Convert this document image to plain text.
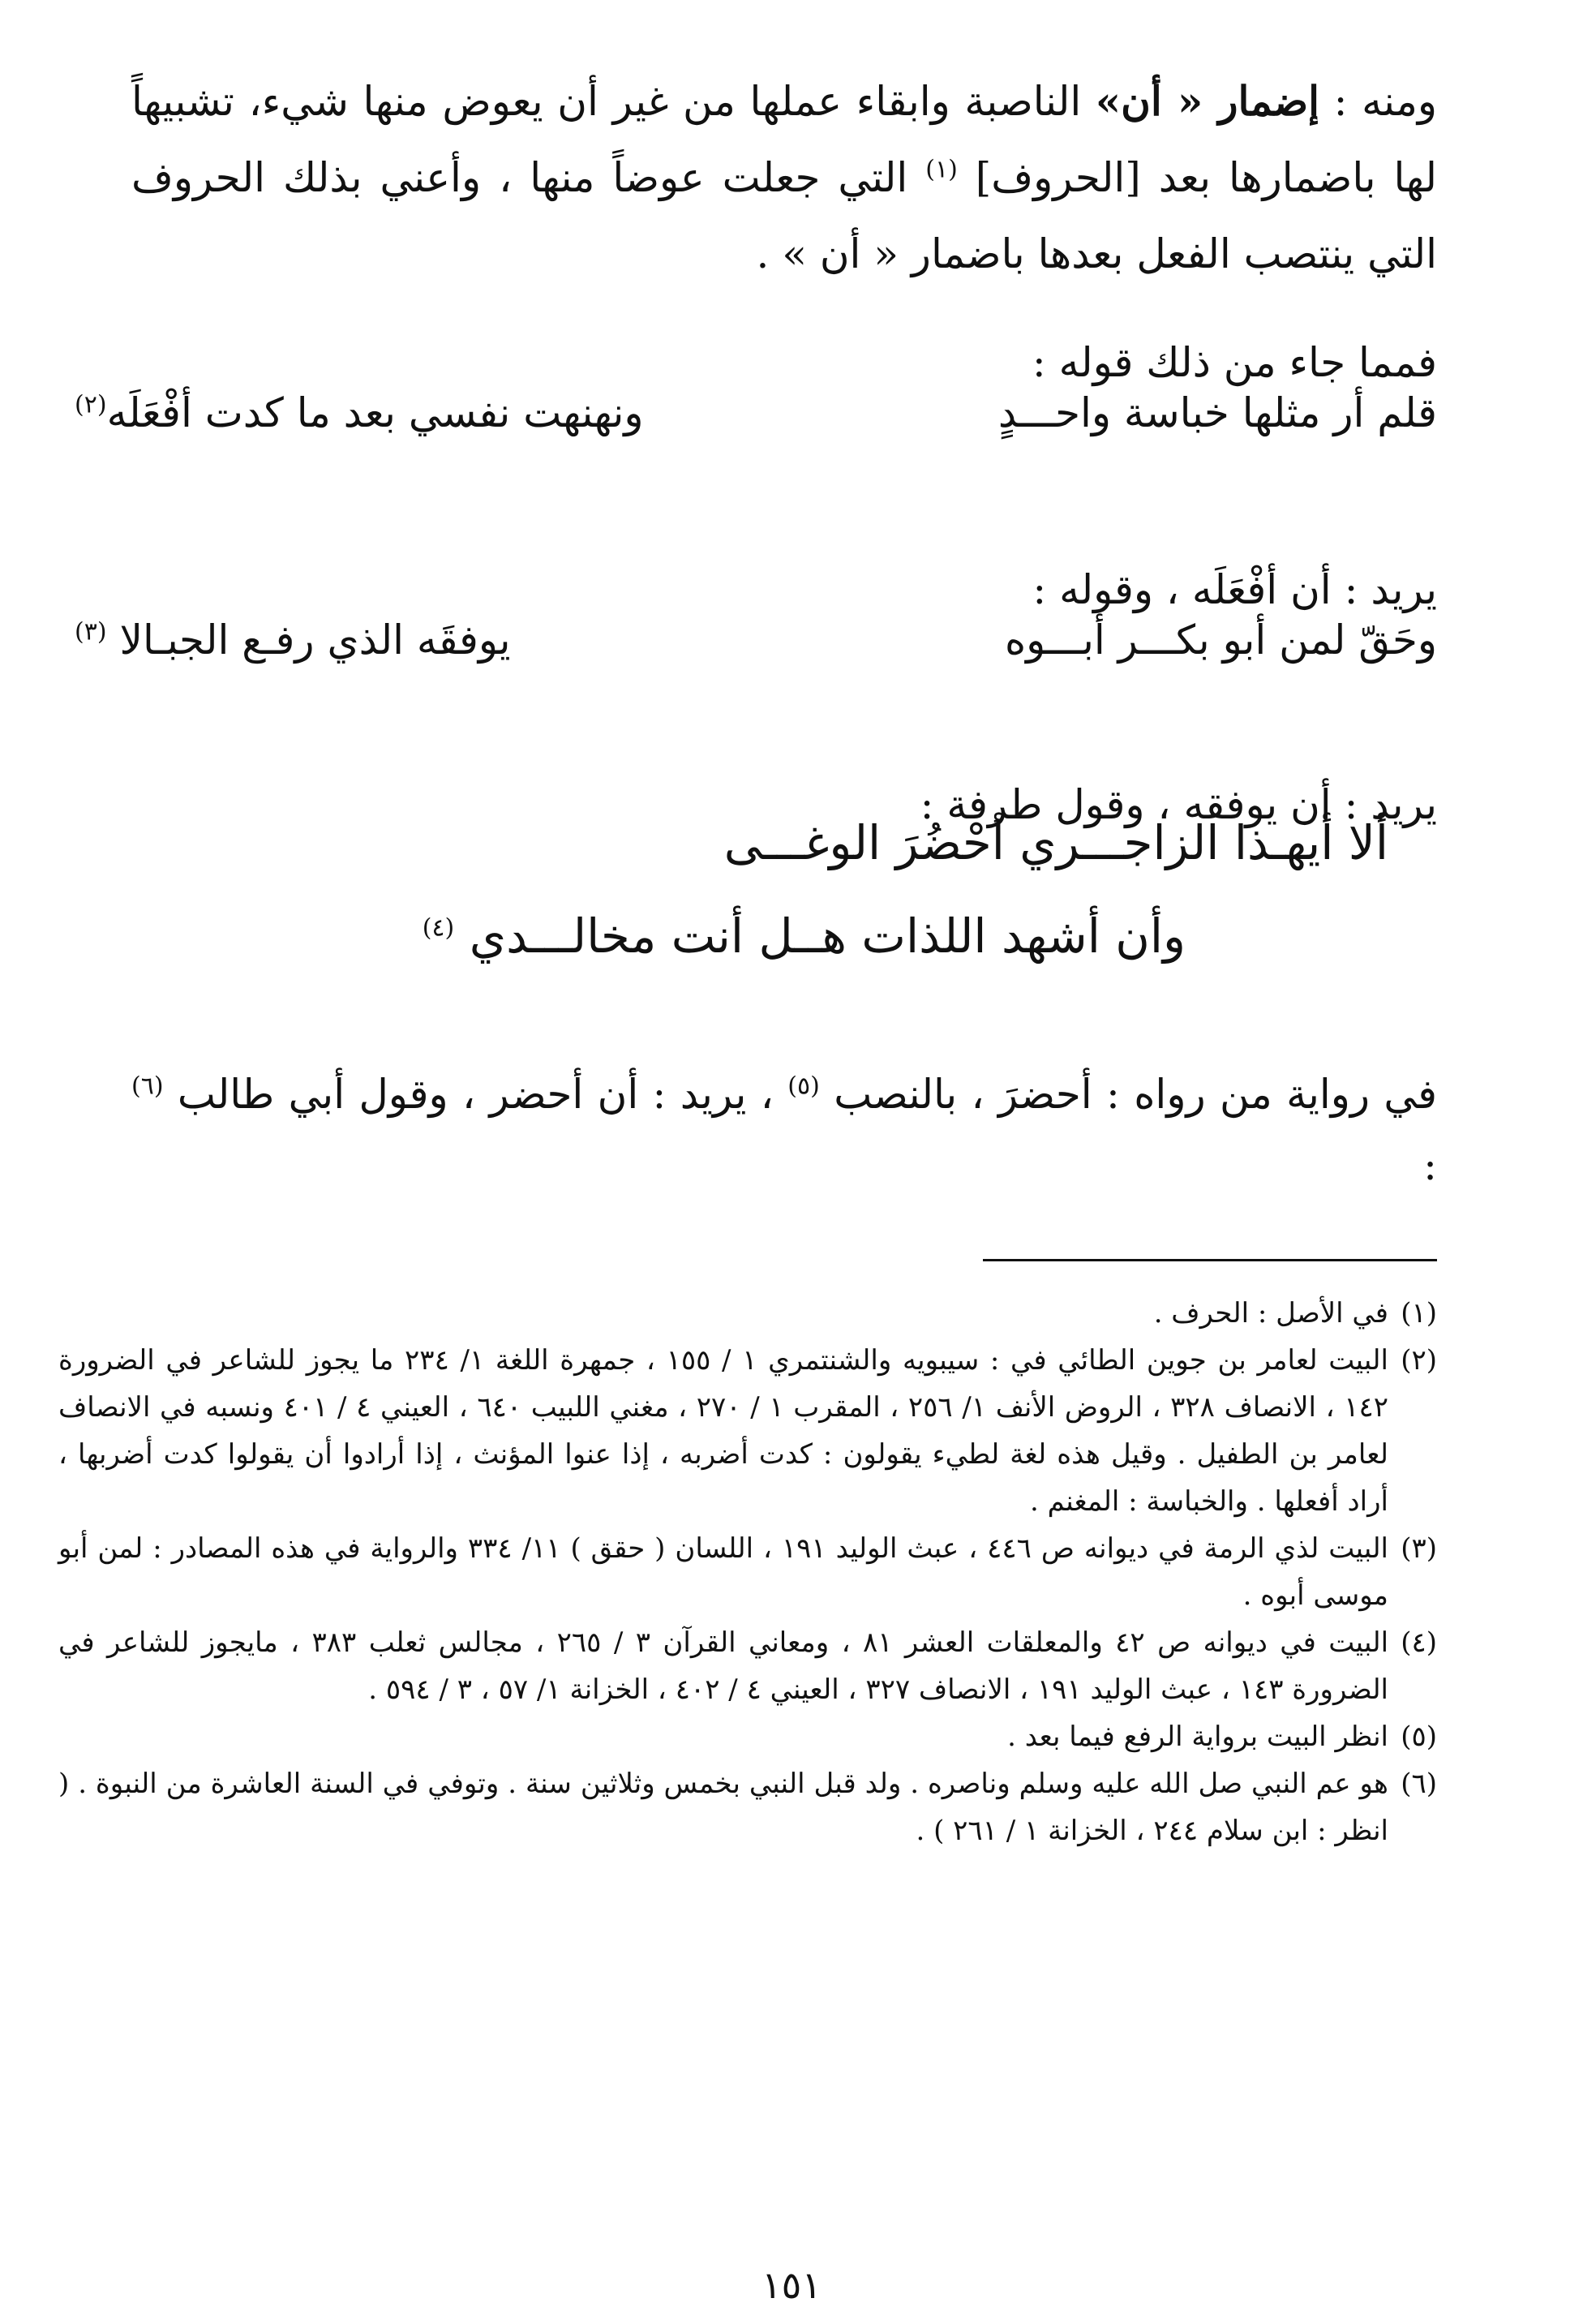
ومنه : إضمار « أن» الناصبة وابقاء عملها من غير أن يعوض منها شيء، تشبيهاً لها باضمارها بعد [الحروف] $^{(١)}$ التي جعلت عوضاً منها ، وأعني بذلك الحروف التي ينتصب الفعل بعدها باضمار « أن » .

فمما جاء من ذلك قوله :

قلم أر مثلها خباسة واحـــدٍ
ونهنهت نفسي بعد ما كدت أفْعَلَه$^{(٢)}$

يريد : أن أفْعَلَه ، وقوله :

وحَقّ لمن أبو بكـــر أبـــوه
يوفقَه الذي رفـع الجبـالا $^{(٣)}$

يريد : أن يوفقه ، وقول طرفة :

ألا أيهـذا الزاجـــري أحْضُرَ الوغـــى
وأن أشهد اللذات هــل أنت مخالـــدي $^{(٤)}$

في رواية من رواه : أحضرَ ، بالنصب $^{(٥)}$ ، يريد : أن أحضر ، وقول أبي طالب $^{(٦)}$ :

(١)
في الأصل : الحرف .
(٢)
البيت لعامر بن جوين الطائي في : سيبويه والشنتمري ١ / ١٥٥ ، جمهرة اللغة ١/ ٢٣٤ ما يجوز للشاعر في الضرورة ١٤٢ ، الانصاف ٣٢٨ ، الروض الأنف ١/ ٢٥٦ ، المقرب ١ / ٢٧٠ ، مغني اللبيب ٦٤٠ ، العيني ٤ / ٤٠١ ونسبه في الانصاف لعامر بن الطفيل . وقيل هذه لغة لطيء يقولون : كدت أضربه ، إذا عنوا المؤنث ، إذا أرادوا أن يقولوا كدت أضربها ، أراد أفعلها . والخباسة : المغنم .
(٣)
البيت لذي الرمة في ديوانه ص ٤٤٦ ، عبث الوليد ١٩١ ، اللسان ( حقق ) ١١/ ٣٣٤ والرواية في هذه المصادر : لمن أبو موسى أبوه .
(٤)
البيت في ديوانه ص ٤٢ والمعلقات العشر ٨١ ، ومعاني القرآن ٣ / ٢٦٥ ، مجالس ثعلب ٣٨٣ ، مايجوز للشاعر في الضرورة ١٤٣ ، عبث الوليد ١٩١ ، الانصاف ٣٢٧ ، العيني ٤ / ٤٠٢ ، الخزانة ١/ ٥٧ ، ٣ / ٥٩٤ .
(٥)
انظر البيت برواية الرفع فيما بعد .
(٦)
هو عم النبي صل الله عليه وسلم وناصره . ولد قبل النبي بخمس وثلاثين سنة . وتوفي في السنة العاشرة من النبوة . ( انظر : ابن سلام ٢٤٤ ، الخزانة ١ / ٢٦١ ) .
١٥١
